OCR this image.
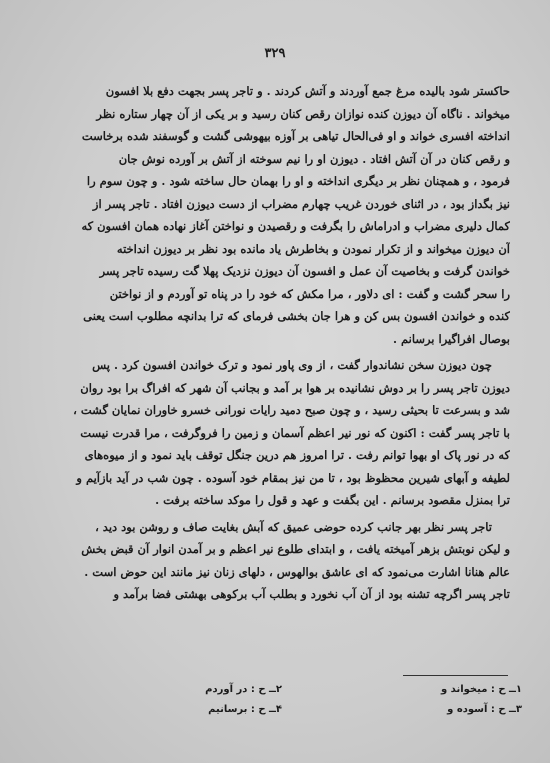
۳۲۹
حاکستر شود بالیده مرغ جمع آوردند و آتش کردند . و تاجر پسر بجهت دفع بلا افسون
میخواند . ناگاه آن دیوزن کنده نوازان رقص کنان رسید و بر یکی از آن چهار ستاره نظر
انداخته افسری خواند و او فی‌الحال تیاهی بر آوزه بیهوشی گشت و گوسفند شده برخاست
و رقص کنان در آن آتش افتاد . دیوزن او را نیم سوخته از آتش بر آورده نوش جان
فرمود ، و همچنان نظر بر دیگری انداخته و او را بهمان حال ساخته شود . و چون سوم را
نیز بگداز بود ، در اثنای خوردن غریب چهارم مضراب از دست دیوزن افتاد . تاجر پسر از
کمال دلیری مضراب و ادراماش را بگرفت و رقصیدن و نواختن آغاز نهاده همان افسون که
آن دیوزن میخواند و از تکرار نمودن و بخاطرش یاد مانده بود نظر بر دیوزن انداخته
خواندن گرفت و بخاصیت آن عمل و افسون آن دیوزن نزدیک پهلا گت رسیده تاجر پسر
را سحر گشت و گفت : ای دلاور ، مرا مکش که خود را در پناه تو آوردم و از نواختن
کنده و خواندن افسون بس کن و هرا جان بخشی فرمای که ترا بدانچه مطلوب است یعنی
بوصال افراگیرا برسانم .
چون دیوزن سخن نشاندوار گفت ، از وی پاور نمود و ترک خواندن افسون کرد . پس
دیوزن تاجر پسر را بر دوش نشانیده بر هوا بر آمد و بجانب آن شهر که افراگ برا بود روان
شد و بسرعت تا بحیثی رسید ، و چون صبح دمید رایات نورانی خسرو خاوران نمایان گشت ،
با تاجر پسر گفت : اکنون که نور نیر اعظم آسمان و زمین را فروگرفت ، مرا قدرت نیست
که در نور پاک او بهوا توانم رفت . ترا امروز هم درین جنگل توقف باید نمود و از میوه‌های
لطیفه و آبهای شیرین محظوظ بود ، تا من نیز بمقام خود آسوده . چون شب در آید بازآیم و
ترا بمنزل مقصود برسانم . این بگفت و عهد و قول را موکد ساخته برفت .
تاجر پسر نظر بهر جانب کرده حوضی عمیق که آبش بغایت صاف و روشن بود دید ،
و لیکن نوبتش بزهر آمیخته یافت ، و ابتدای طلوع نیر اعظم و بر آمدن انوار آن قبض بخش
عالم هنانا اشارت می‌نمود که ای عاشق بوالهوس ، دلهای زنان نیز مانند این حوض است .
تاجر پسر اگرچه تشنه بود از آن آب نخورد و بطلب آب برکوهی بهشتی فضا برآمد و
۱ــ ح : میخواند و
۳ــ ح : آسوده و
۲ــ ح : در آوردم
۴ــ ح : برسانیم
